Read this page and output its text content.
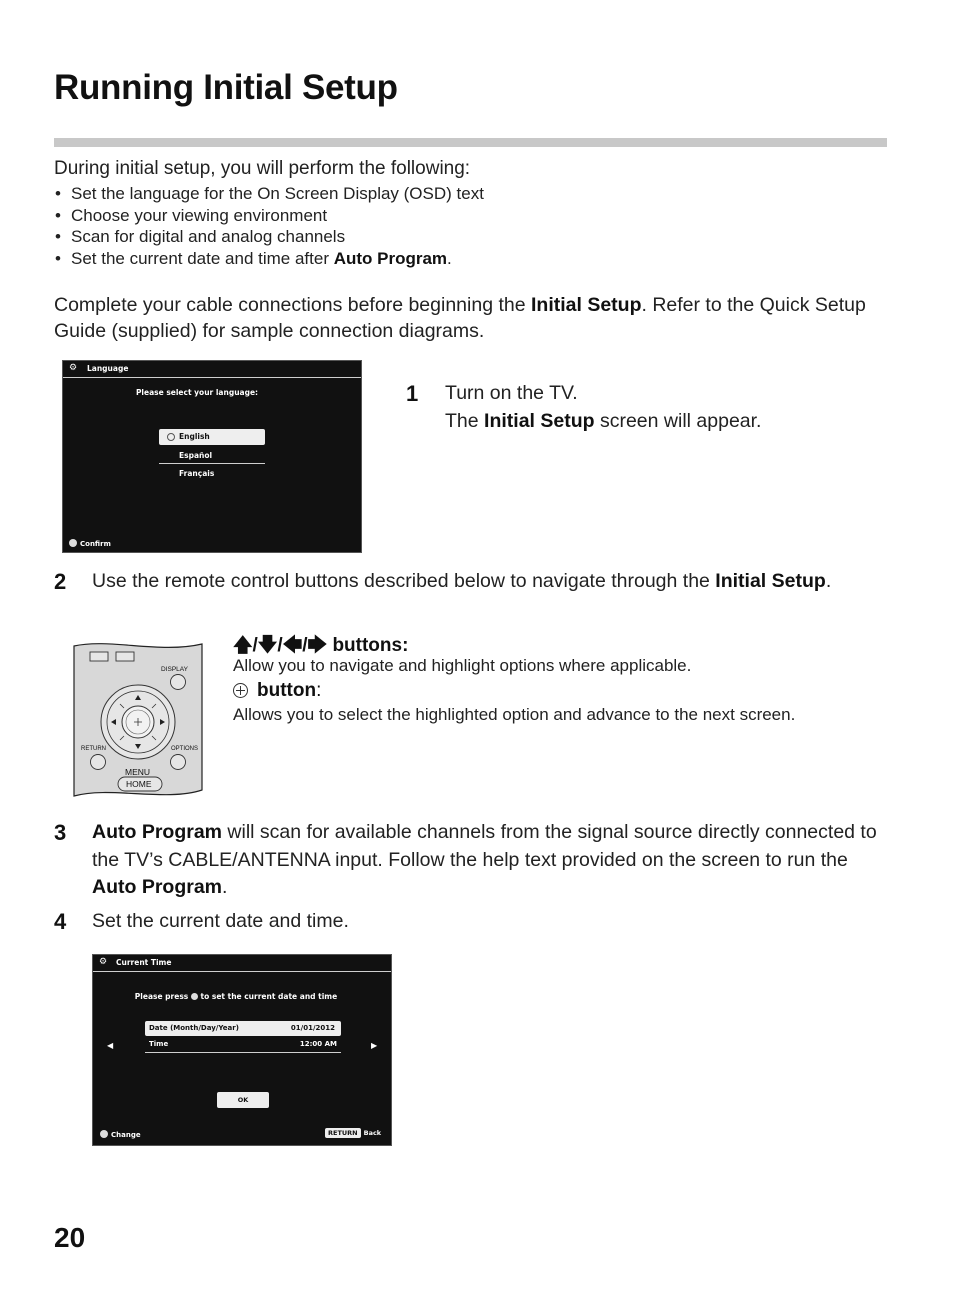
Running Initial Setup
During initial setup, you will perform the following:
• Set the language for the On Screen Display (OSD) text
• Choose your viewing environment
• Scan for digital and analog channels
• Set the current date and time after Auto Program.
Complete your cable connections before beginning the Initial Setup. Refer to the Quick Setup Guide (supplied) for sample connection diagrams.
⚙ Language
Please select your language:
English
Español
Français
Confirm
1 Turn on the TV.
The Initial Setup screen will appear.
2 Use the remote control buttons described below to navigate through the Initial Setup.
DISPLAY
RETURN	OPTIONS
MENU
HOME
🡅/🡇/🡄/🡆 buttons:
Allow you to navigate and highlight options where applicable.
button:
Allows you to select the highlighted option and advance to the next screen.
3 Auto Program will scan for available channels from the signal source directly connected to the TV’s CABLE/ANTENNA input. Follow the help text provided on the screen to run the Auto Program.
4 Set the current date and time.
⚙ Current Time
Please press to set the current date and time
Date (Month/Day/Year)	01/01/2012
Time	12:00 AM
◀	▶
OK
Change	RETURN Back
20
